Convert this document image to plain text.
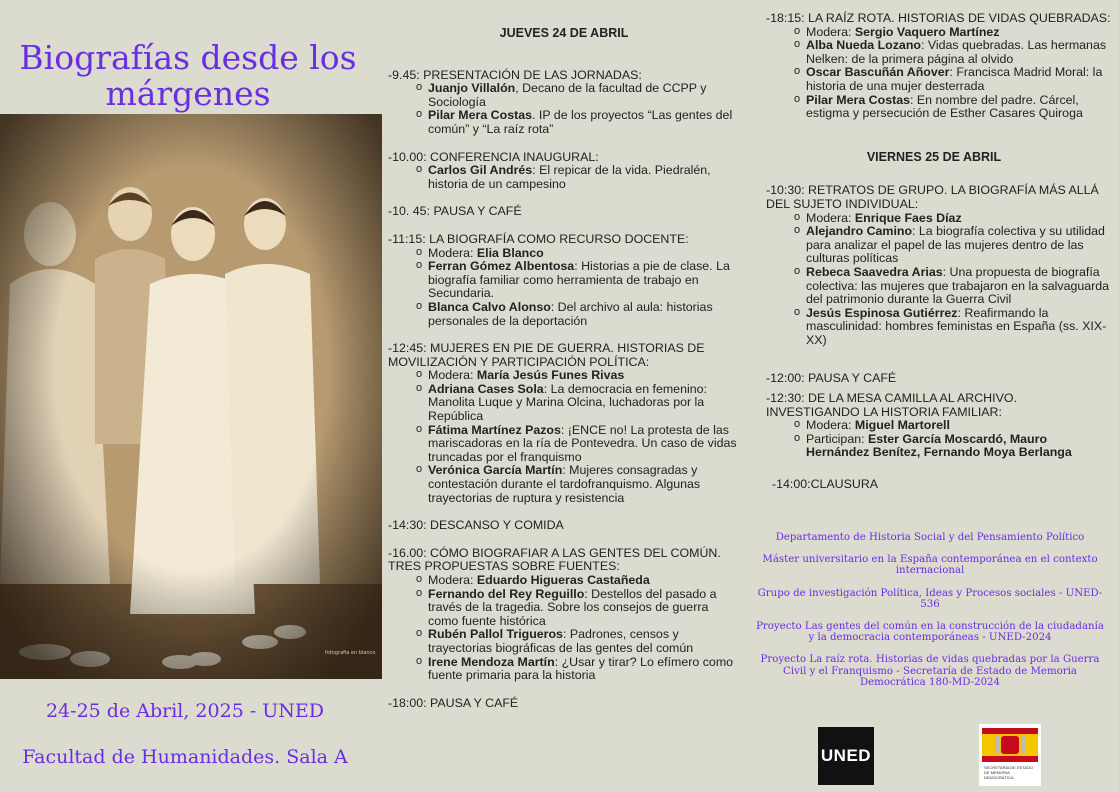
Biografías desde los márgenes
fotografia en blanco
24-25 de Abril, 2025 - UNED
Facultad de Humanidades. Sala A

JUEVES 24 DE ABRIL

-9.45: PRESENTACIÓN DE LAS JORNADAS:

o Juanjo Villalón, Decano de la facultad de CCPP y Sociología
o Pilar Mera Costas. IP de los proyectos “Las gentes del común” y “La raíz rota”

-10.00: CONFERENCIA INAUGURAL:

o Carlos Gil Andrés: El repicar de la vida. Piedralén, historia de un campesino

-10. 45: PAUSA Y CAFÉ

-11:15: LA BIOGRAFÍA COMO RECURSO DOCENTE:

o Modera: Elia Blanco
o Ferran Gómez Albentosa: Historias a pie de clase. La biografía familiar como herramienta de trabajo en Secundaria.
o Blanca Calvo Alonso: Del archivo al aula: historias personales de la deportación

-12:45: MUJERES EN PIE DE GUERRA. HISTORIAS DE MOVILIZACIÓN Y PARTICIPACIÓN POLÍTICA:

o Modera: María Jesús Funes Rivas
o Adriana Cases Sola: La democracia en femenino: Manolita Luque y Marina Olcina, luchadoras por la República
o Fátima Martínez Pazos: ¡ENCE no! La protesta de las mariscadoras en la ría de Pontevedra. Un caso de vidas truncadas por el franquismo
o Verónica García Martín: Mujeres consagradas y contestación durante el tardofranquismo. Algunas trayectorias de ruptura y resistencia

-14:30: DESCANSO Y COMIDA

-16.00: CÓMO BIOGRAFIAR A LAS GENTES DEL COMÚN. TRES PROPUESTAS SOBRE FUENTES:

o Modera: Eduardo Higueras Castañeda
o Fernando del Rey Reguillo: Destellos del pasado a través de la tragedia. Sobre los consejos de guerra como fuente histórica
o Rubén Pallol Trigueros: Padrones, censos y trayectorias biográficas de las gentes del común
o Irene Mendoza Martín: ¿Usar y tirar? Lo efímero como fuente primaria para la historia

-18:00: PAUSA Y CAFÉ

-18:15: LA RAÍZ ROTA. HISTORIAS DE VIDAS QUEBRADAS:

o Modera: Sergio Vaquero Martínez
o Alba Nueda Lozano: Vidas quebradas. Las hermanas Nelken: de la primera página al olvido
o Oscar Bascuñán Añover: Francisca Madrid Moral: la historia de una mujer desterrada
o Pilar Mera Costas: En nombre del padre. Cárcel, estigma y persecución de Esther Casares Quiroga

VIERNES 25 DE ABRIL

-10:30: RETRATOS DE GRUPO. LA BIOGRAFÍA MÁS ALLÁ DEL SUJETO INDIVIDUAL:

o Modera: Enrique Faes Díaz
o Alejandro Camino: La biografía colectiva y su utilidad para analizar el papel de las mujeres dentro de las culturas políticas
o Rebeca Saavedra Arias: Una propuesta de biografía colectiva: las mujeres que trabajaron en la salvaguarda del patrimonio durante la Guerra Civil
o Jesús Espinosa Gutiérrez: Reafirmando la masculinidad: hombres feministas en España (ss. XIX-XX)

-12:00: PAUSA Y CAFÉ

-12:30: DE LA MESA CAMILLA AL ARCHIVO. INVESTIGANDO LA HISTORIA FAMILIAR:

o Modera: Miguel Martorell
o Participan: Ester García Moscardó, Mauro Hernández Benítez, Fernando Moya Berlanga

-14:00:CLAUSURA

Departamento de Historia Social y del Pensamiento Político

Máster universitario en la España contemporánea en el contexto internacional

Grupo de investigación Política, Ideas y Procesos sociales - UNED-536

Proyecto Las gentes del común en la construcción de la ciudadanía y la democracia contemporáneas - UNED-2024

Proyecto La raíz rota. Historias de vidas quebradas por la Guerra Civil y el Franquismo - Secretaría de Estado de Memoria Democrática 180-MD-2024

UNED
SECRETARÍA DE ESTADO DE MEMORIA DEMOCRÁTICA
